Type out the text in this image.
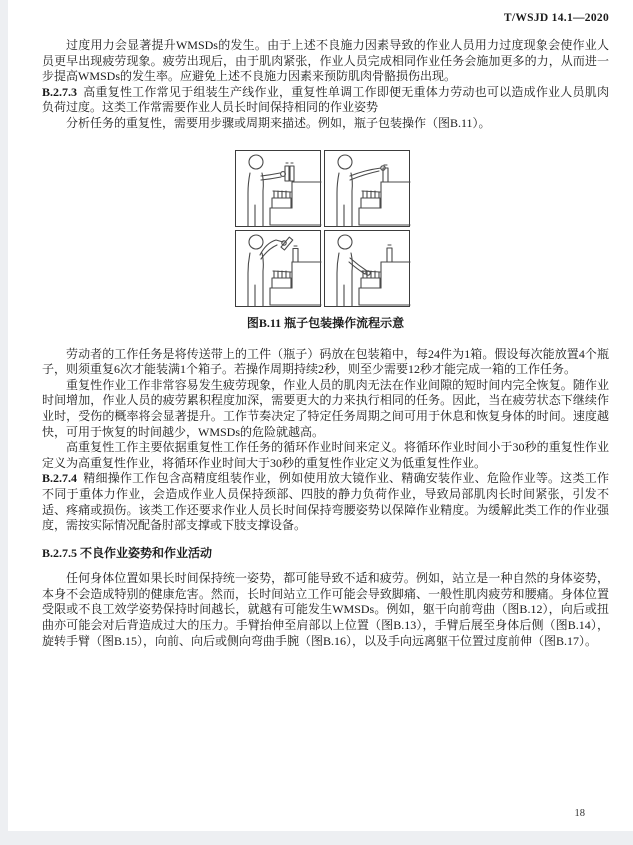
T/WSJD 14.1—2020

过度用力会显著提升WMSDs的发生。由于上述不良施力因素导致的作业人员用力过度现象会使作业人员更早出现疲劳现象。疲劳出现后，由于肌肉紧张，作业人员完成相同作业任务会施加更多的力，从而进一步提高WMSDs的发生率。应避免上述不良施力因素来预防肌肉骨骼损伤出现。

B.2.7.3 高重复性工作常见于组装生产线作业，重复性单调工作即便无重体力劳动也可以造成作业人员肌肉负荷过度。这类工作常需要作业人员长时间保持相同的作业姿势

分析任务的重复性，需要用步骤或周期来描述。例如，瓶子包装操作（图B.11）。

图B.11 瓶子包装操作流程示意

劳动者的工作任务是将传送带上的工件（瓶子）码放在包装箱中，每24件为1箱。假设每次能放置4个瓶子，则须重复6次才能装满1个箱子。若操作周期持续2秒，则至少需要12秒才能完成一箱的工作任务。

重复性作业工作非常容易发生疲劳现象，作业人员的肌肉无法在作业间隙的短时间内完全恢复。随作业时间增加，作业人员的疲劳累积程度加深，需要更大的力来执行相同的任务。因此，当在疲劳状态下继续作业时，受伤的概率将会显著提升。工作节奏决定了特定任务周期之间可用于休息和恢复身体的时间。速度越快，可用于恢复的时间越少，WMSDs的危险就越高。

高重复性工作主要依据重复性工作任务的循环作业时间来定义。将循环作业时间小于30秒的重复性作业定义为高重复性作业，将循环作业时间大于30秒的重复性作业定义为低重复性作业。

B.2.7.4 精细操作工作包含高精度组装作业，例如使用放大镜作业、精确安装作业、危险作业等。这类工作不同于重体力作业，会造成作业人员保持颈部、四肢的静力负荷作业，导致局部肌肉长时间紧张，引发不适、疼痛或损伤。该类工作还要求作业人员长时间保持弯腰姿势以保障作业精度。为缓解此类工作的作业强度，需按实际情况配备肘部支撑或下肢支撑设备。

B.2.7.5 不良作业姿势和作业活动

任何身体位置如果长时间保持统一姿势，都可能导致不适和疲劳。例如，站立是一种自然的身体姿势，本身不会造成特别的健康危害。然而，长时间站立工作可能会导致脚痛、一般性肌肉疲劳和腰痛。身体位置受限或不良工效学姿势保持时间越长，就越有可能发生WMSDs。例如，躯干向前弯曲（图B.12），向后或扭曲亦可能会对后背造成过大的压力。手臂抬伸至肩部以上位置（图B.13），手臂后展至身体后侧（图B.14），旋转手臂（图B.15），向前、向后或侧向弯曲手腕（图B.16），以及手向远离躯干位置过度前伸（图B.17）。

18
